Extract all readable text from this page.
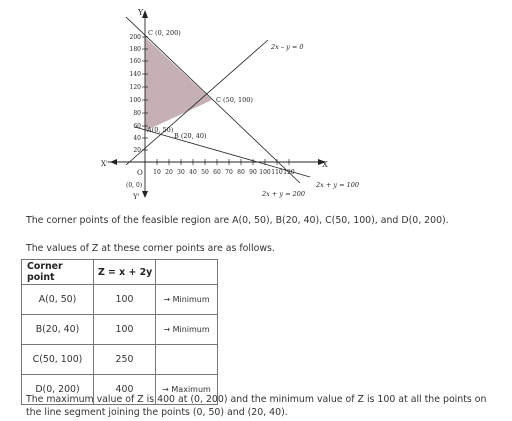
Y
Y'
X
X'
O
(0, 0)
200
180
160
140
120
100
80
60
40
20
10 20 30 40 50 60 70 80 90 100 110 120
C (0, 200)
C (50, 100)
A(0, 50)
B (20, 40)
2x – y = 0
2x + y = 100
2x + y = 200
The corner points of the feasible region are A(0, 50), B(20, 40), C(50, 100), and D(0, 200).
The values of Z at these corner points are as follows.
Corner point	Z = x + 2y	
A(0, 50)	100	→ Minimum
B(20, 40)	100	→ Minimum
C(50, 100)	250	
D(0, 200)	400	→ Maximum
The maximum value of Z is 400 at (0, 200) and the minimum value of Z is 100 at all the points on the line segment joining the points (0, 50) and (20, 40).
